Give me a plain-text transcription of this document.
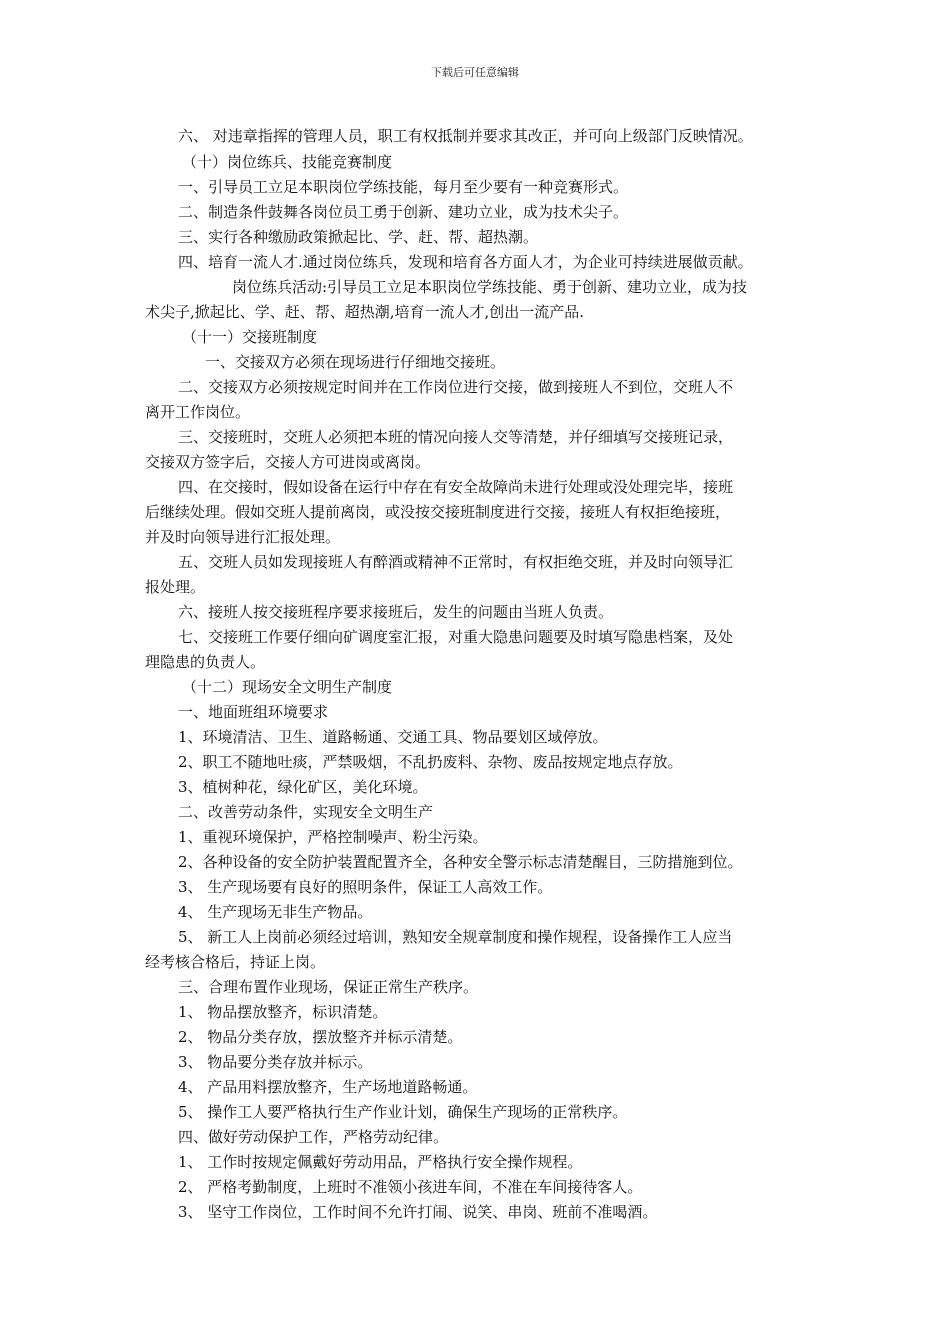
下载后可任意编辑
六、 对违章指挥的管理人员，职工有权抵制并要求其改正，并可向上级部门反映情况。
（十）岗位练兵、技能竞赛制度
一、引导员工立足本职岗位学练技能，每月至少要有一种竞赛形式。
二、制造条件鼓舞各岗位员工勇于创新、建功立业，成为技术尖子。
三、实行各种缴励政策掀起比、学、赶、帮、超热潮。
四、培育一流人才.通过岗位练兵，发现和培育各方面人才，为企业可持续进展做贡献。
岗位练兵活动:引导员工立足本职岗位学练技能、勇于创新、建功立业，成为技
术尖子,掀起比、学、赶、帮、超热潮,培育一流人才,创出一流产品.
（十一）交接班制度
一、交接双方必须在现场进行仔细地交接班。
二、交接双方必须按规定时间并在工作岗位进行交接，做到接班人不到位，交班人不
离开工作岗位。
三、交接班时，交班人必须把本班的情况向接人交等清楚，并仔细填写交接班记录，
交接双方签字后，交接人方可进岗或离岗。
四、在交接时，假如设备在运行中存在有安全故障尚未进行处理或没处理完毕，接班
后继续处理。假如交班人提前离岗，或没按交接班制度进行交接，接班人有权拒绝接班，
并及时向领导进行汇报处理。
五、交班人员如发现接班人有醉酒或精神不正常时，有权拒绝交班，并及时向领导汇
报处理。
六、接班人按交接班程序要求接班后，发生的问题由当班人负责。
七、交接班工作要仔细向矿调度室汇报，对重大隐患问题要及时填写隐患档案，及处
理隐患的负责人。
（十二）现场安全文明生产制度
一、地面班组环境要求
1、环境清洁、卫生、道路畅通、交通工具、物品要划区域停放。
2、职工不随地吐痰，严禁吸烟，不乱扔废料、杂物、废品按规定地点存放。
3、植树种花，绿化矿区，美化环境。
二、改善劳动条件，实现安全文明生产
1、重视环境保护，严格控制噪声、粉尘污染。
2、各种设备的安全防护装置配置齐全，各种安全警示标志清楚醒目，三防措施到位。
3、 生产现场要有良好的照明条件，保证工人高效工作。
4、 生产现场无非生产物品。
5、 新工人上岗前必须经过培训，熟知安全规章制度和操作规程，设备操作工人应当
经考核合格后，持证上岗。
三、合理布置作业现场，保证正常生产秩序。
1、 物品摆放整齐，标识清楚。
2、 物品分类存放，摆放整齐并标示清楚。
3、 物品要分类存放并标示。
4、 产品用料摆放整齐，生产场地道路畅通。
5、 操作工人要严格执行生产作业计划，确保生产现场的正常秩序。
四、做好劳动保护工作，严格劳动纪律。
1、 工作时按规定佩戴好劳动用品，严格执行安全操作规程。
2、 严格考勤制度，上班时不准领小孩进车间，不准在车间接待客人。
3、 坚守工作岗位，工作时间不允许打闹、说笑、串岗、班前不准喝酒。
